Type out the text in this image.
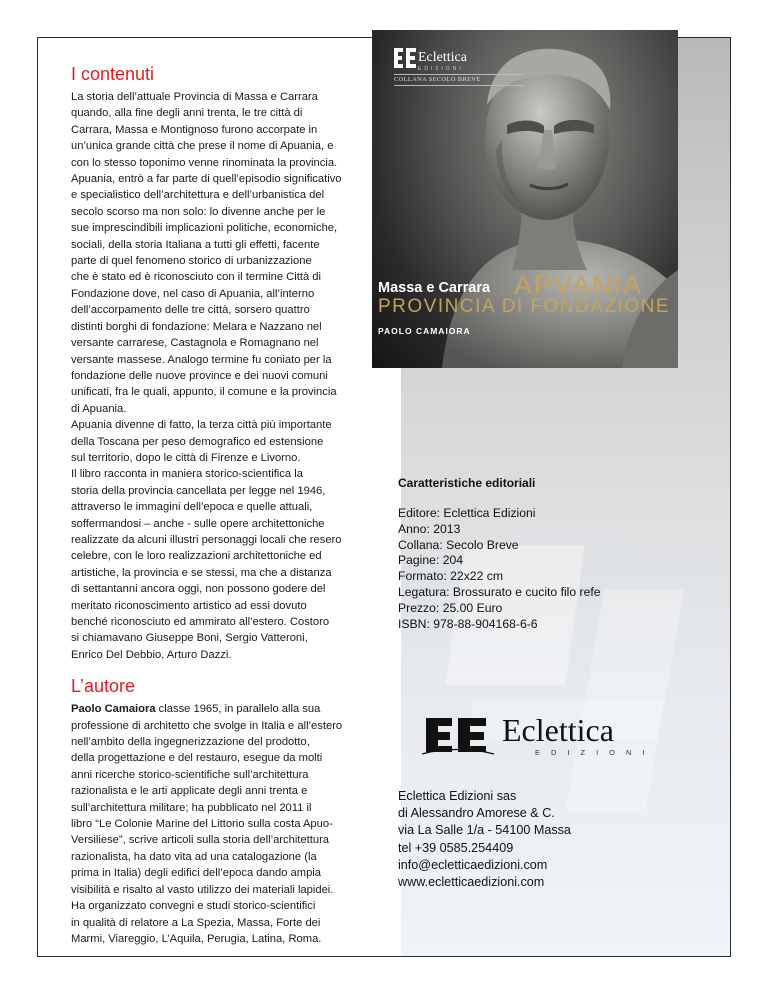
I contenuti

La storia dell’attuale Provincia di Massa e Carrara

quando, alla fine degli anni trenta, le tre città di

Carrara, Massa e Montignoso furono accorpate in

un’unica grande città che prese il nome di Apuania, e

con lo stesso toponimo venne rinominata la provincia.

Apuania, entrò a far parte di quell’episodio significativo

e specialistico dell’architettura e dell’urbanistica del

secolo scorso ma non solo: lo divenne anche per le

sue imprescindibili implicazioni politiche, economiche,

sociali, della storia Italiana a tutti gli effetti, facente

parte di quel fenomeno storico di urbanizzazione

che è stato ed è riconosciuto con il termine Città di

Fondazione dove, nel caso di Apuania, all’interno

dell’accorpamento delle tre città, sorsero quattro

distinti borghi di fondazione: Melara e Nazzano nel

versante carrarese, Castagnola e Romagnano nel

versante massese. Analogo termine fu coniato per la

fondazione delle nuove province e dei nuovi comuni

unificati, fra le quali, appunto, il comune e la provincia

di Apuania.

Apuania divenne di fatto, la terza città più importante

della Toscana per peso demografico ed estensione

sul territorio, dopo le città di Firenze e Livorno.

Il libro racconta in maniera storico-scientifica la

storia della provincia cancellata per legge nel 1946,

attraverso le immagini dell’epoca e quelle attuali,

soffermandosi – anche - sulle opere architettoniche

realizzate da alcuni illustri personaggi locali che resero

celebre, con le loro realizzazioni architettoniche ed

artistiche, la provincia e se stessi, ma che a distanza

di settantanni ancora oggi, non possono godere del

meritato riconoscimento artistico ad essi dovuto

benché riconosciuto ed ammirato all’estero. Costoro

si chiamavano Giuseppe Boni, Sergio Vatteroni,

Enrico Del Debbio, Arturo Dazzi.

L’autore

Paolo Camaiora classe 1965, in parallelo alla sua

professione di architetto che svolge in Italia e all’estero

nell’ambito della ingegnerizzazione del prodotto,

della progettazione e del restauro, esegue da molti

anni ricerche storico-scientifiche sull’architettura

razionalista e le arti applicate degli anni trenta e

sull’architettura militare; ha pubblicato nel 2011 il

libro “Le Colonie Marine del Littorio sulla costa Apuo-

Versiliese”, scrive articoli sulla storia dell’architettura

razionalista, ha dato vita ad una catalogazione (la

prima in Italia) degli edifici dell’epoca dando ampia

visibilità e risalto al vasto utilizzo dei materiali lapidei.

Ha organizzato convegni e studi storico-scientifici

in qualità di relatore a La Spezia, Massa, Forte dei

Marmi, Viareggio, L’Aquila, Perugia, Latina, Roma.

Eclettica
EDIZIONI
COLLANA SECOLO BREVE
Massa e Carrara APVANIA
PROVINCIA DI FONDAZIONE
PAOLO CAMAIORA
Caratteristiche editoriali
Editore: Eclettica Edizioni
Anno: 2013
Collana: Secolo Breve
Pagine: 204
Formato: 22x22 cm
Legatura: Brossurato e cucito filo refe
Prezzo: 25.00 Euro
ISBN: 978-88-904168-6-6
Eclettica
EDIZIONI
Eclettica Edizioni sas
di Alessandro Amorese & C.
via La Salle 1/a - 54100 Massa
tel +39 0585.254409
info@eclettica​edizioni.com
www.eclettica​edizioni.com
